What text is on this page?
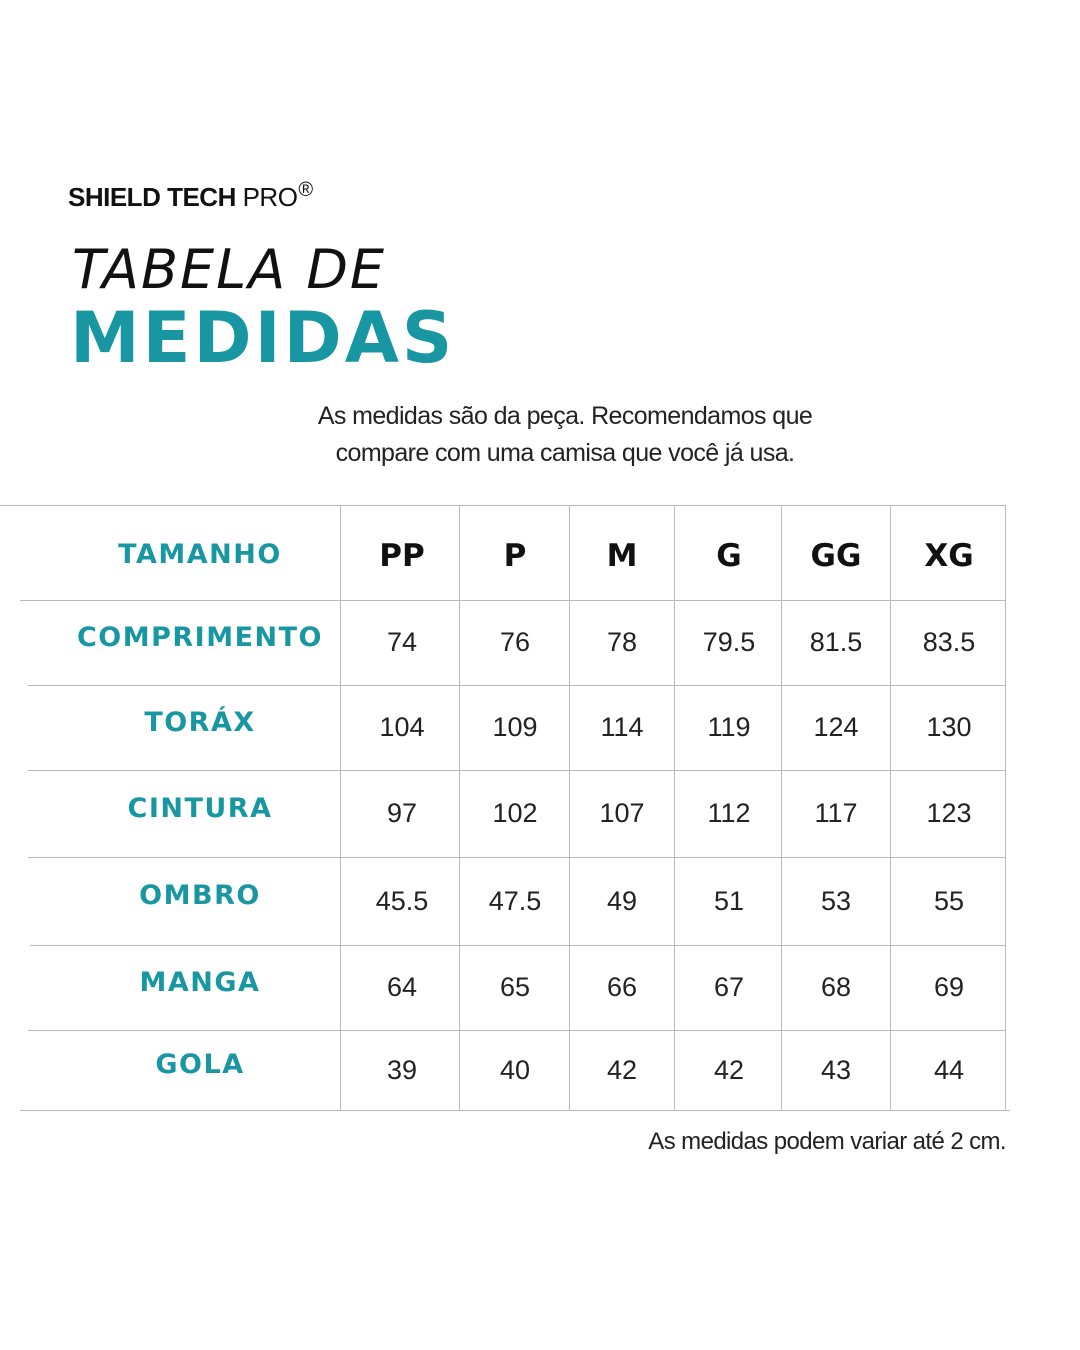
SHIELD TECH PRO®
TABELA DE
MEDIDAS
As medidas são da peça. Recomendamos que
compare com uma camisa que você já usa.
TAMANHO	PP	P	M	G	GG	XG
COMPRIMENTO	74	76	78	79.5	81.5	83.5
TORÁX	104	109	114	119	124	130
CINTURA	97	102	107	112	117	123
OMBRO	45.5	47.5	49	51	53	55
MANGA	64	65	66	67	68	69
GOLA	39	40	42	42	43	44
As medidas podem variar até 2 cm.
